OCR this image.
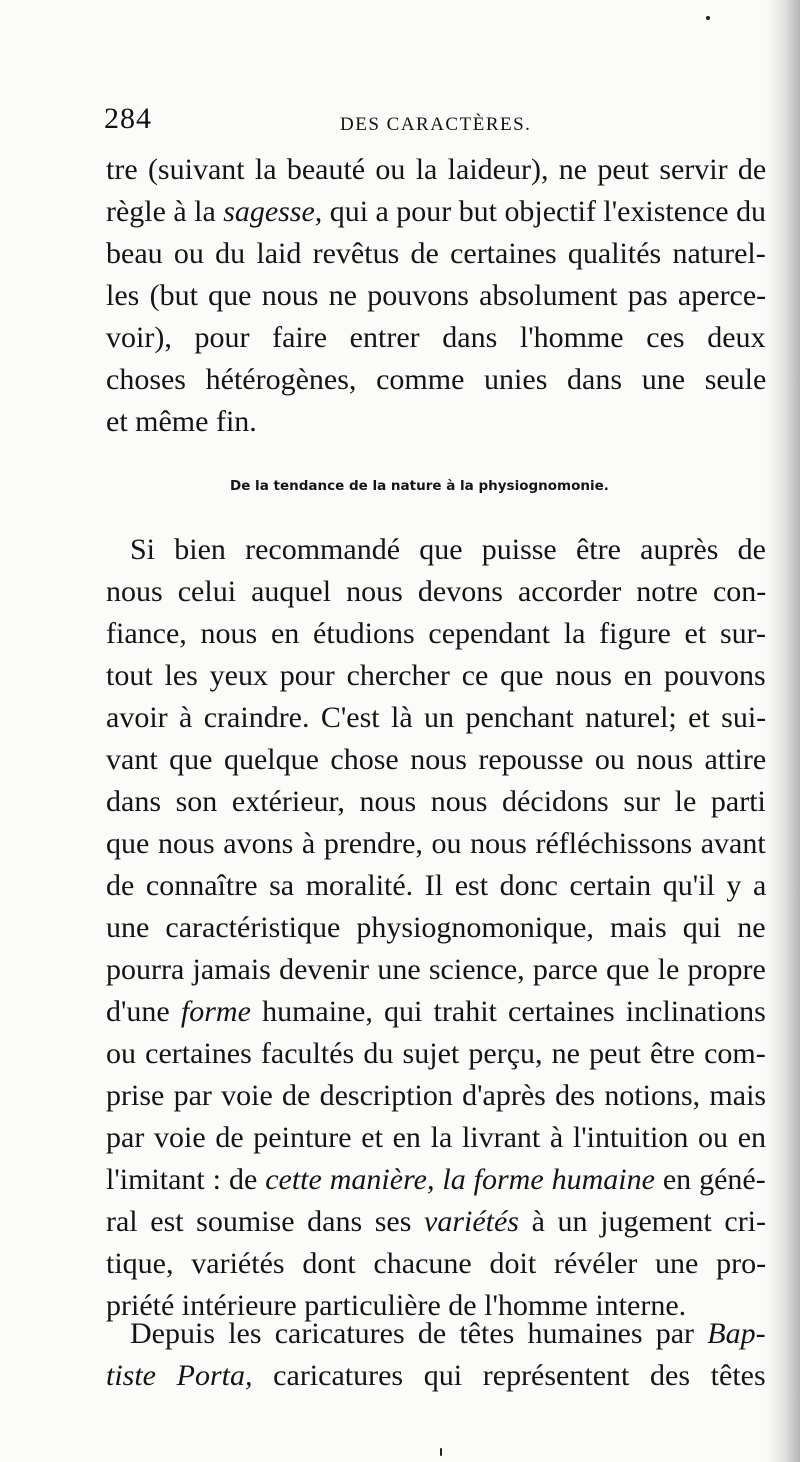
284	DES CARACTÈRES.
tre (suivant la beauté ou la laideur), ne peut servir de
règle à la sagesse, qui a pour but objectif l'existence du
beau ou du laid revêtus de certaines qualités naturel-
les (but que nous ne pouvons absolument pas aperce-
voir), pour faire entrer dans l'homme ces deux
choses hétérogènes, comme unies dans une seule
et même fin.
De la tendance de la nature à la physiognomonie.
Si bien recommandé que puisse être auprès de
nous celui auquel nous devons accorder notre con-
fiance, nous en étudions cependant la figure et sur-
tout les yeux pour chercher ce que nous en pouvons
avoir à craindre. C'est là un penchant naturel; et sui-
vant que quelque chose nous repousse ou nous attire
dans son extérieur, nous nous décidons sur le parti
que nous avons à prendre, ou nous réfléchissons avant
de connaître sa moralité. Il est donc certain qu'il y a
une caractéristique physiognomonique, mais qui ne
pourra jamais devenir une science, parce que le propre
d'une forme humaine, qui trahit certaines inclinations
ou certaines facultés du sujet perçu, ne peut être com-
prise par voie de description d'après des notions, mais
par voie de peinture et en la livrant à l'intuition ou en
l'imitant : de cette manière, la forme humaine en géné-
ral est soumise dans ses variétés à un jugement cri-
tique, variétés dont chacune doit révéler une pro-
priété intérieure particulière de l'homme interne.
Depuis les caricatures de têtes humaines par Bap-
tiste Porta, caricatures qui représentent des têtes
